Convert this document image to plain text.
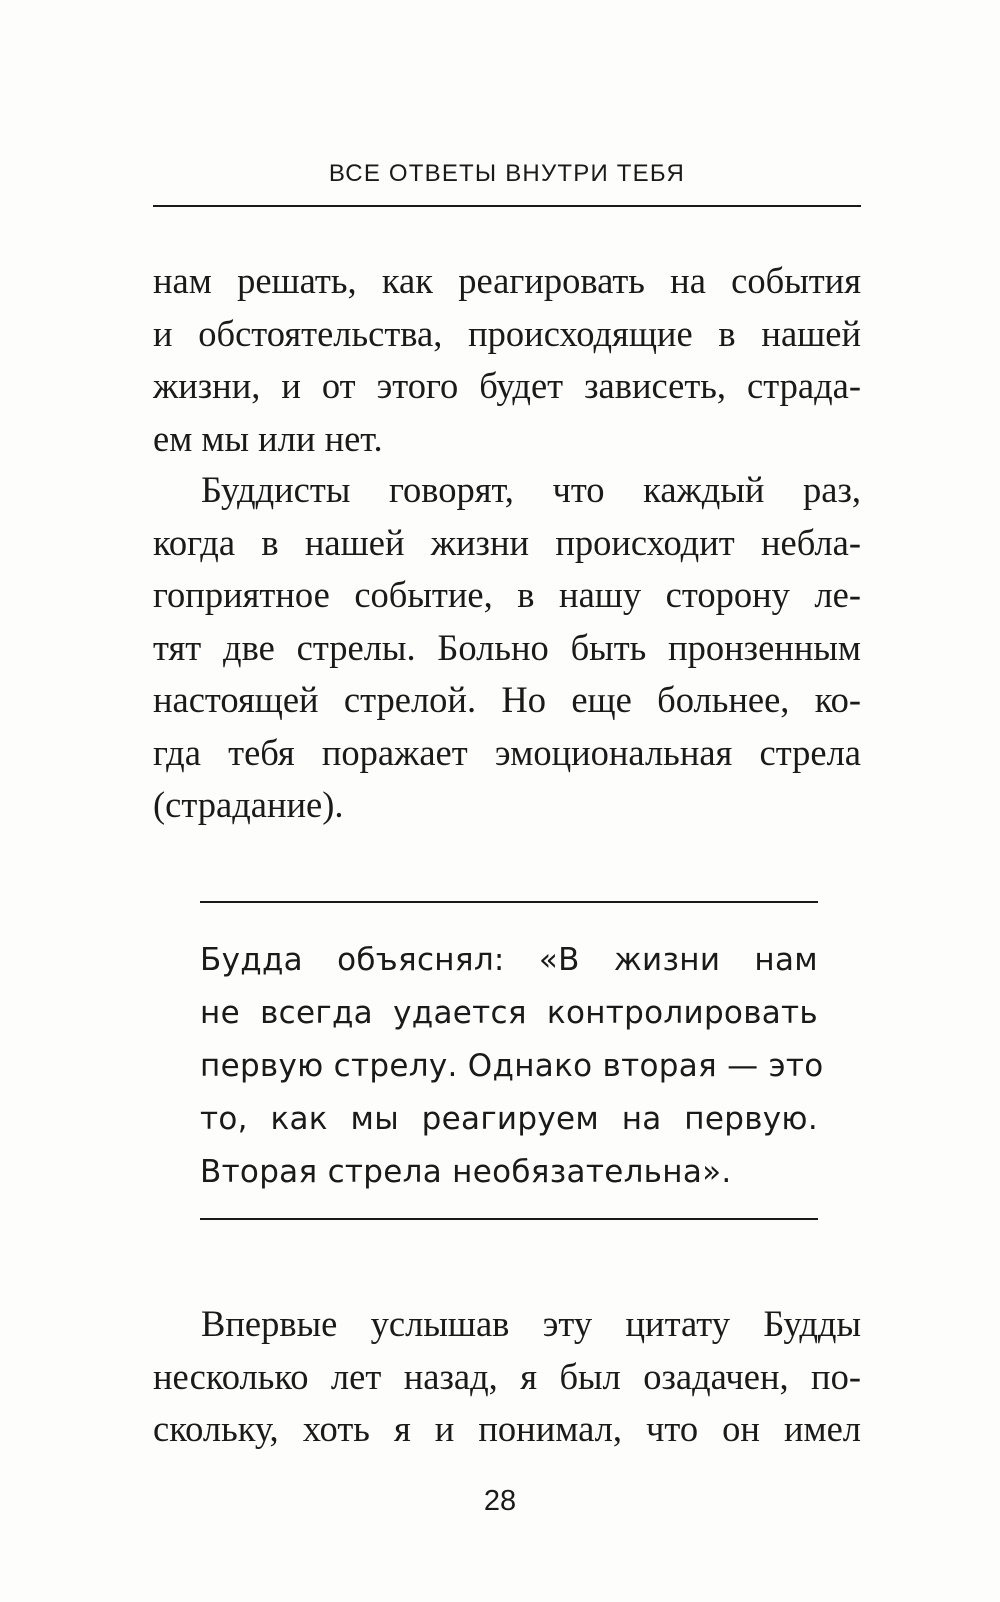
ВСЕ ОТВЕТЫ ВНУТРИ ТЕБЯ
нам решать, как реагировать на события
и обстоятельства, происходящие в нашей
жизни, и от этого будет зависеть, страда-
ем мы или нет.
Буддисты говорят, что каждый раз,
когда в нашей жизни происходит небла-
гоприятное событие, в нашу сторону ле-
тят две стрелы. Больно быть пронзенным
настоящей стрелой. Но еще больнее, ко-
гда тебя поражает эмоциональная стрела
(страдание).
Будда объяснял: «В жизни нам
не всегда удается контролировать
первую стрелу. Однако вторая — это
то, как мы реагируем на первую.
Вторая стрела необязательна».
Впервые услышав эту цитату Будды
несколько лет назад, я был озадачен, по-
скольку, хоть я и понимал, что он имел
28
